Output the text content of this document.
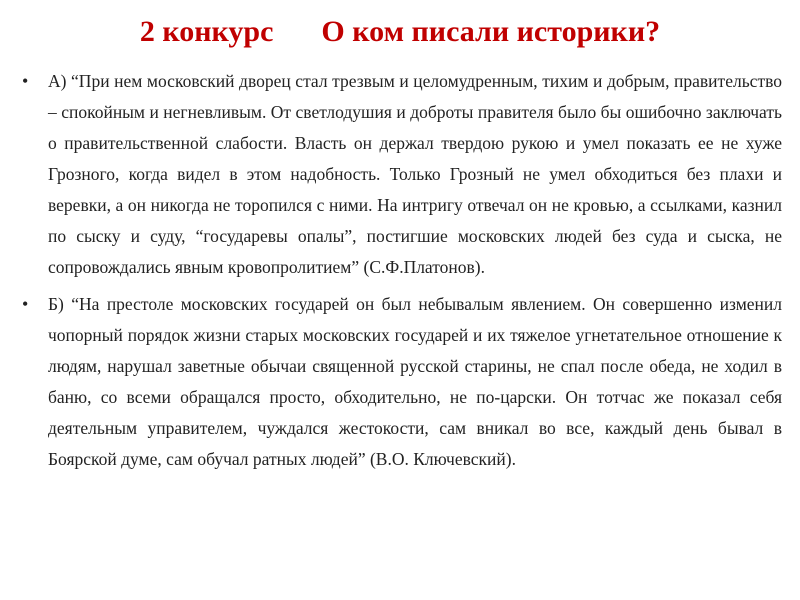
2 конкурс О ком писали историки?
• А) “При нем московский дворец стал трезвым и целомудренным, тихим и добрым, правительство – спокойным и негневливым. От светлодушия и доброты правителя было бы ошибочно заключать о правительственной слабости. Власть он держал твердою рукою и умел показать ее не хуже Грозного, когда видел в этом надобность. Только Грозный не умел обходиться без плахи и веревки, а он никогда не торопился с ними. На интригу отвечал он не кровью, а ссылками, казнил по сыску и суду, “государевы опалы”, постигшие московских людей без суда и сыска, не сопровождались явным кровопролитием” (С.Ф.Платонов).
• Б) “На престоле московских государей он был небывалым явлением. Он совершенно изменил чопорный порядок жизни старых московских государей и их тяжелое угнетательное отношение к людям, нарушал заветные обычаи священной русской старины, не спал после обеда, не ходил в баню, со всеми обращался просто, обходительно, не по-царски. Он тотчас же показал себя деятельным управителем, чуждался жестокости, сам вникал во все, каждый день бывал в Боярской думе, сам обучал ратных людей” (В.О. Ключевский).
